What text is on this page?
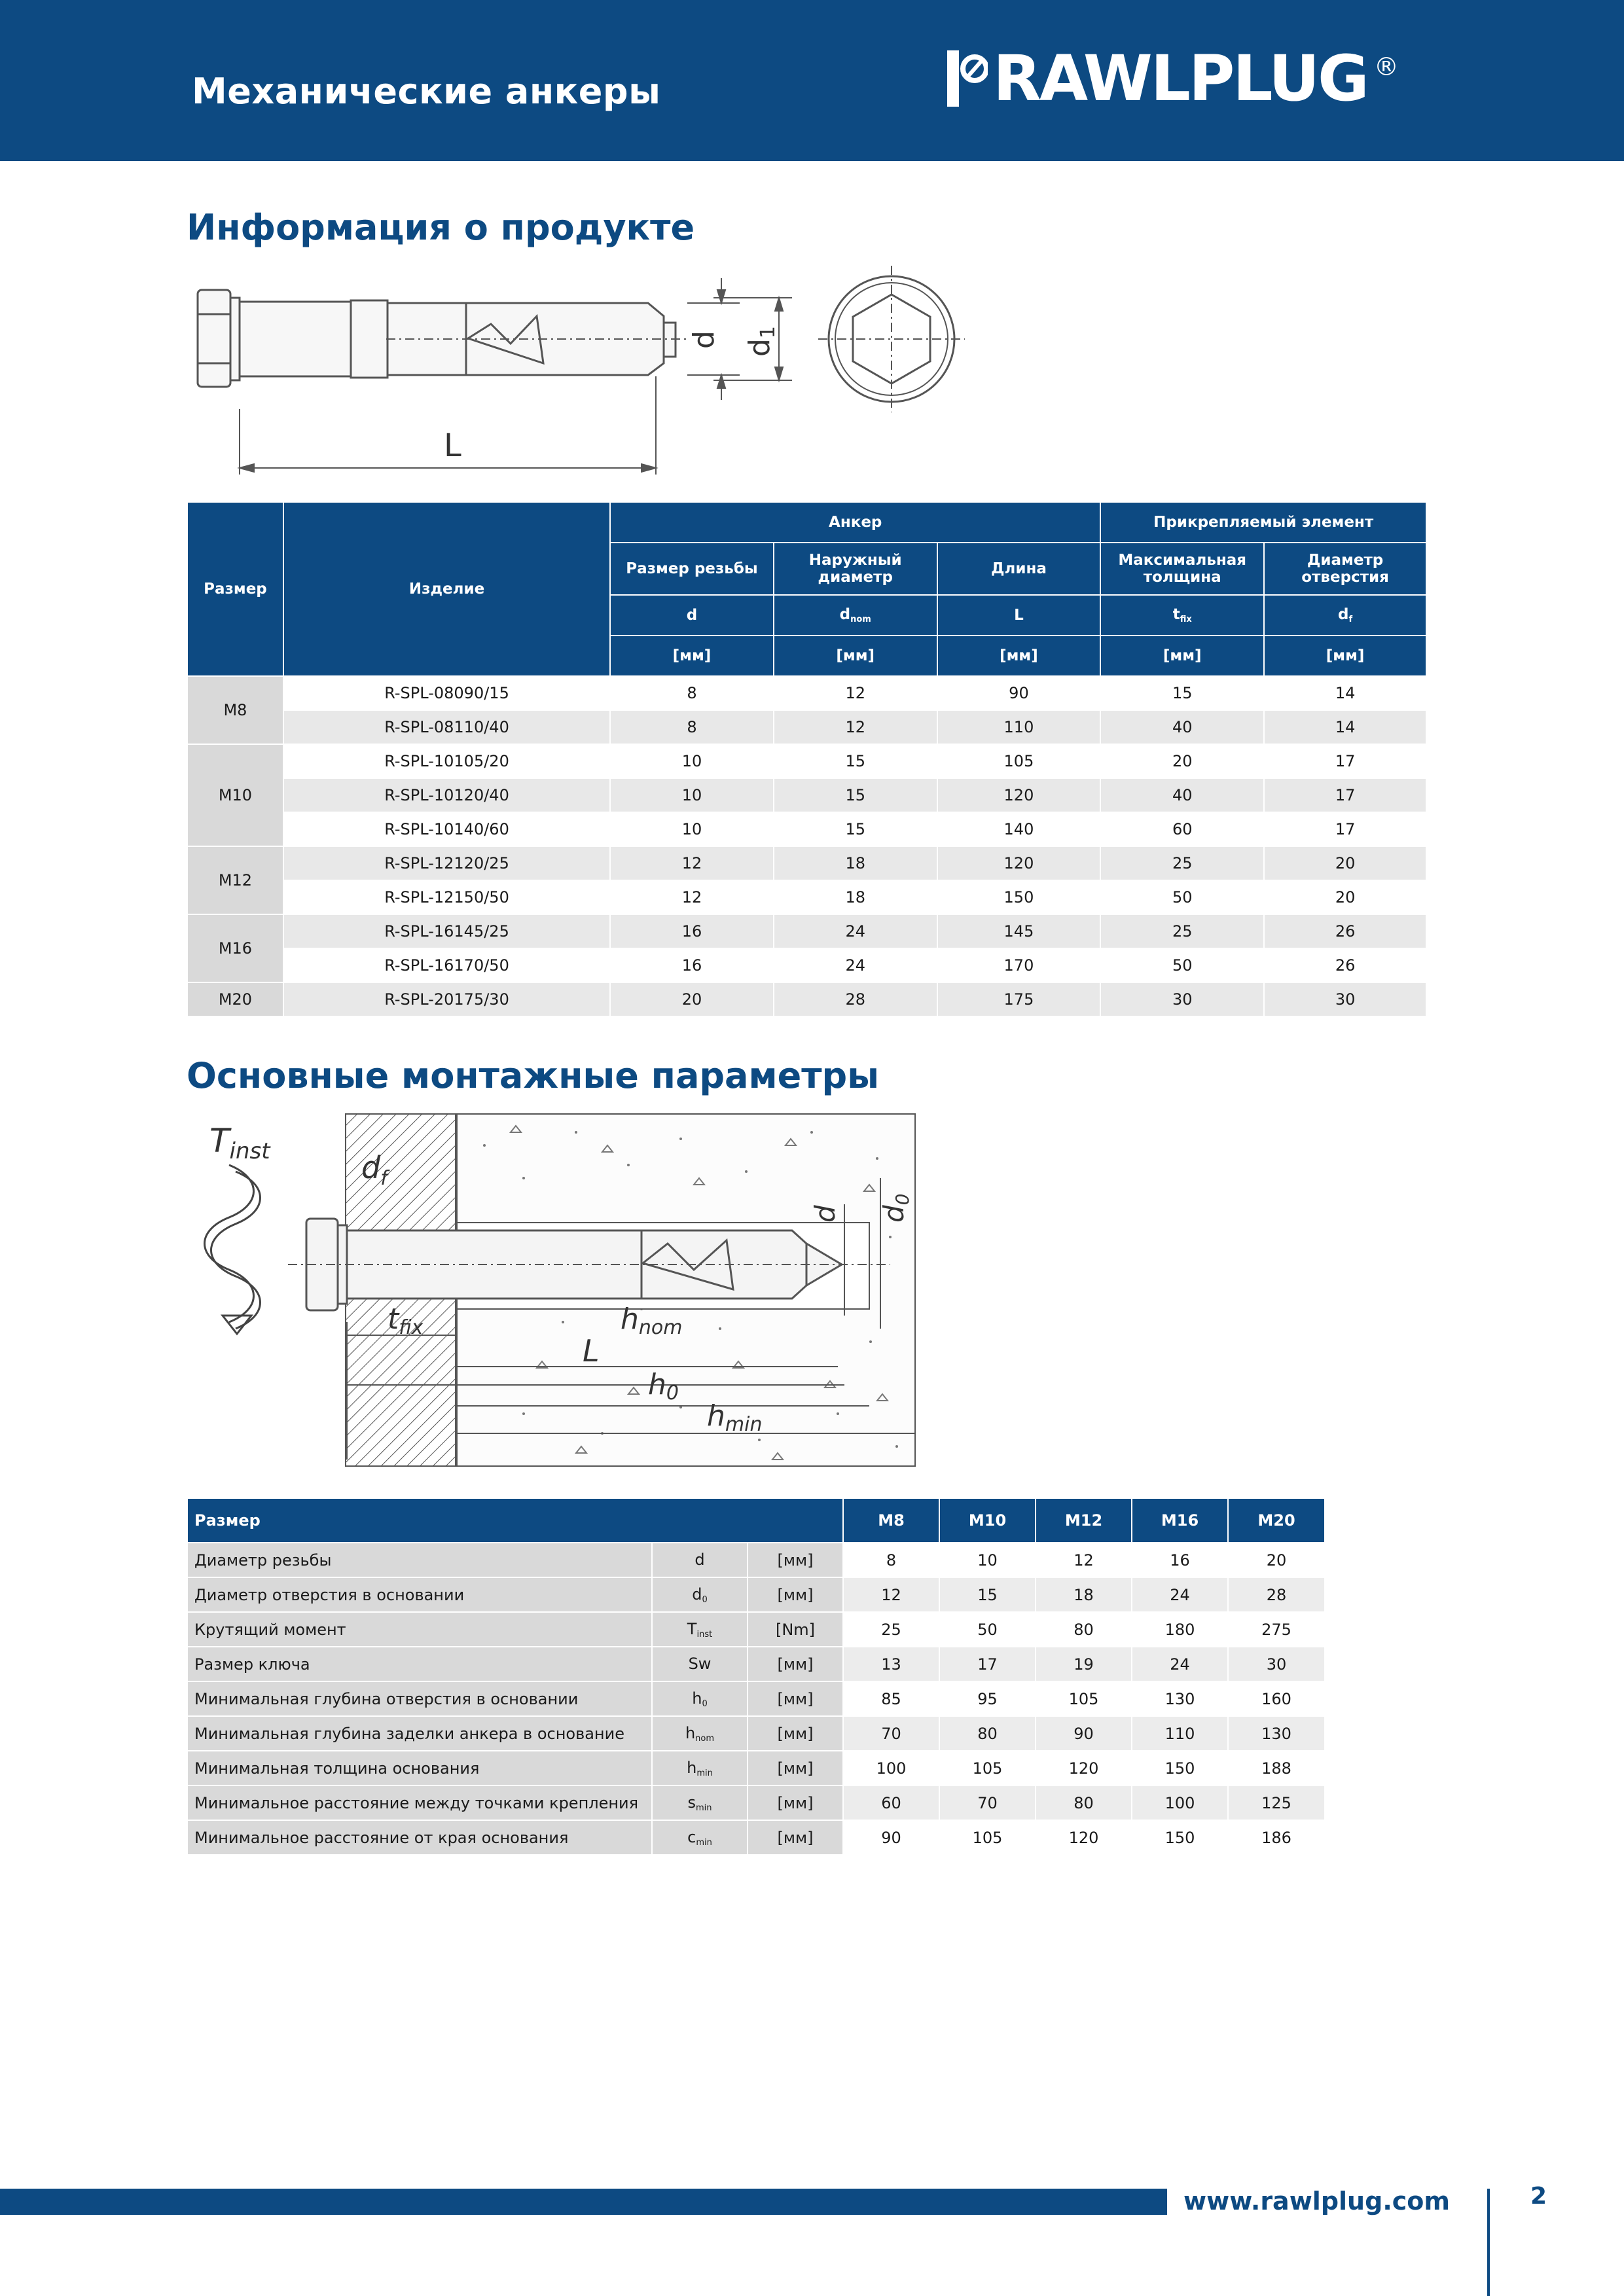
Механические анкеры	RAWLPLUG ®
Информация о продукте
d d1
L
Размер	Изделие	Анкер			Прикрепляемый элемент	
		Размер резьбы	Наружный диаметр	Длина	Максимальная толщина	Диаметр отверстия
		d	$d_{nom}$	L	$t_{fix}$	$d_f$
		[мм]	[мм]	[мм]	[мм]	[мм]
M8	R-SPL-08090/15	8	12	90	15	14
	R-SPL-08110/40	8	12	110	40	14
M10	R-SPL-10105/20	10	15	105	20	17
	R-SPL-10120/40	10	15	120	40	17
	R-SPL-10140/60	10	15	140	60	17
M12	R-SPL-12120/25	12	18	120	25	20
	R-SPL-12150/50	12	18	150	50	20
M16	R-SPL-16145/25	16	24	145	25	26
	R-SPL-16170/50	16	24	170	50	26
M20	R-SPL-20175/30	20	28	175	30	30
Основные монтажные параметры
$T_{inst}$	$d_f$
d d0
tfix	hnom
L
h0
hmin
Размер			M8	M10	M12	M16	M20
Диаметр резьбы	d	[мм]	8	10	12	16	20
Диаметр отверстия в основании	$d_0$	[мм]	12	15	18	24	28
Крутящий момент	$T_{inst}$	[Nm]	25	50	80	180	275
Размер ключа	Sw	[мм]	13	17	19	24	30
Минимальная глубина отверстия в основании	$h_0$	[мм]	85	95	105	130	160
Минимальная глубина заделки анкера в основание	$h_{nom}$	[мм]	70	80	90	110	130
Минимальная толщина основания	$h_{min}$	[мм]	100	105	120	150	188
Минимальное расстояние между точками крепления	$s_{min}$	[мм]	60	70	80	100	125
Минимальное расстояние от края основания	$c_{min}$	[мм]	90	105	120	150	186
www.rawlplug.com	2
